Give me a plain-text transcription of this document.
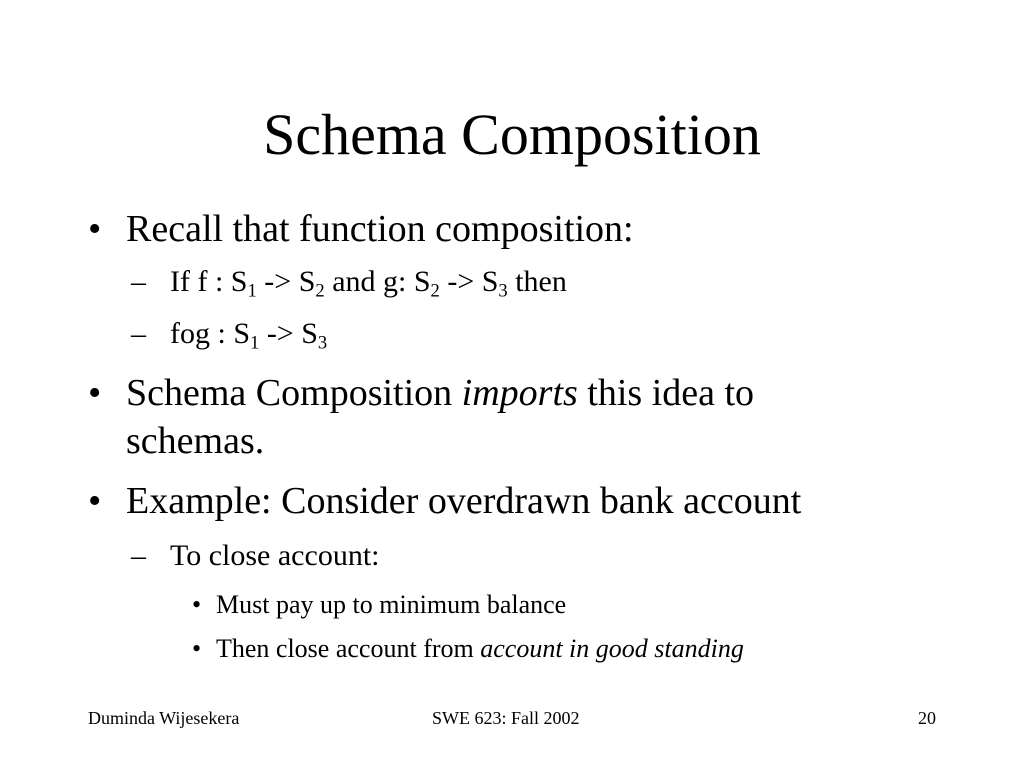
Schema Composition

• Recall that function composition:

– If f : $S_1 -> S_2$ and g: $S_2 -> S_3$ then

– fog : $S_1 -> S_3$

• Schema Composition imports this idea to

schemas.

• Example: Consider overdrawn bank account

– To close account:

• Must pay up to minimum balance

• Then close account from account in good standing

Duminda Wijesekera	SWE 623: Fall 2002	20
